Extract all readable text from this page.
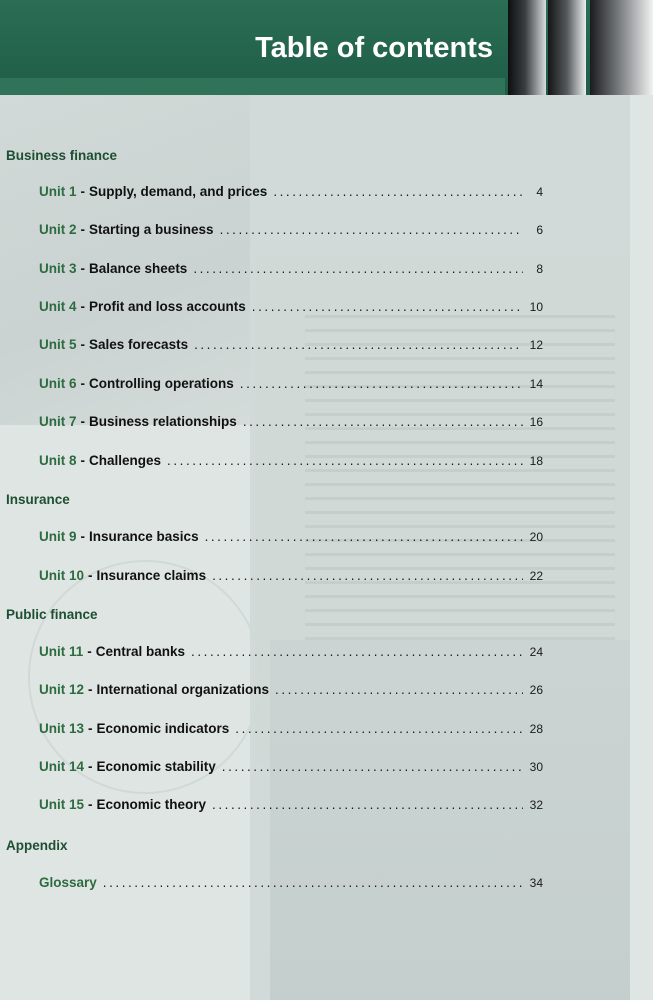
Table of contents
Business finance
Unit 1 - Supply, demand, and prices . . .	4
Unit 2 - Starting a business . . .	6
Unit 3 - Balance sheets . . .	8
Unit 4 - Profit and loss accounts . . .	10
Unit 5 - Sales forecasts . . .	12
Unit 6 - Controlling operations . . .	14
Unit 7 - Business relationships . . .	16
Unit 8 - Challenges . . .	18
Insurance
Unit 9 - Insurance basics . . .	20
Unit 10 - Insurance claims . . .	22
Public finance
Unit 11 - Central banks . . .	24
Unit 12 - International organizations . . .	26
Unit 13 - Economic indicators . . .	28
Unit 14 - Economic stability . . .	30
Unit 15 - Economic theory . . .	32
Appendix
Glossary . . .	34
